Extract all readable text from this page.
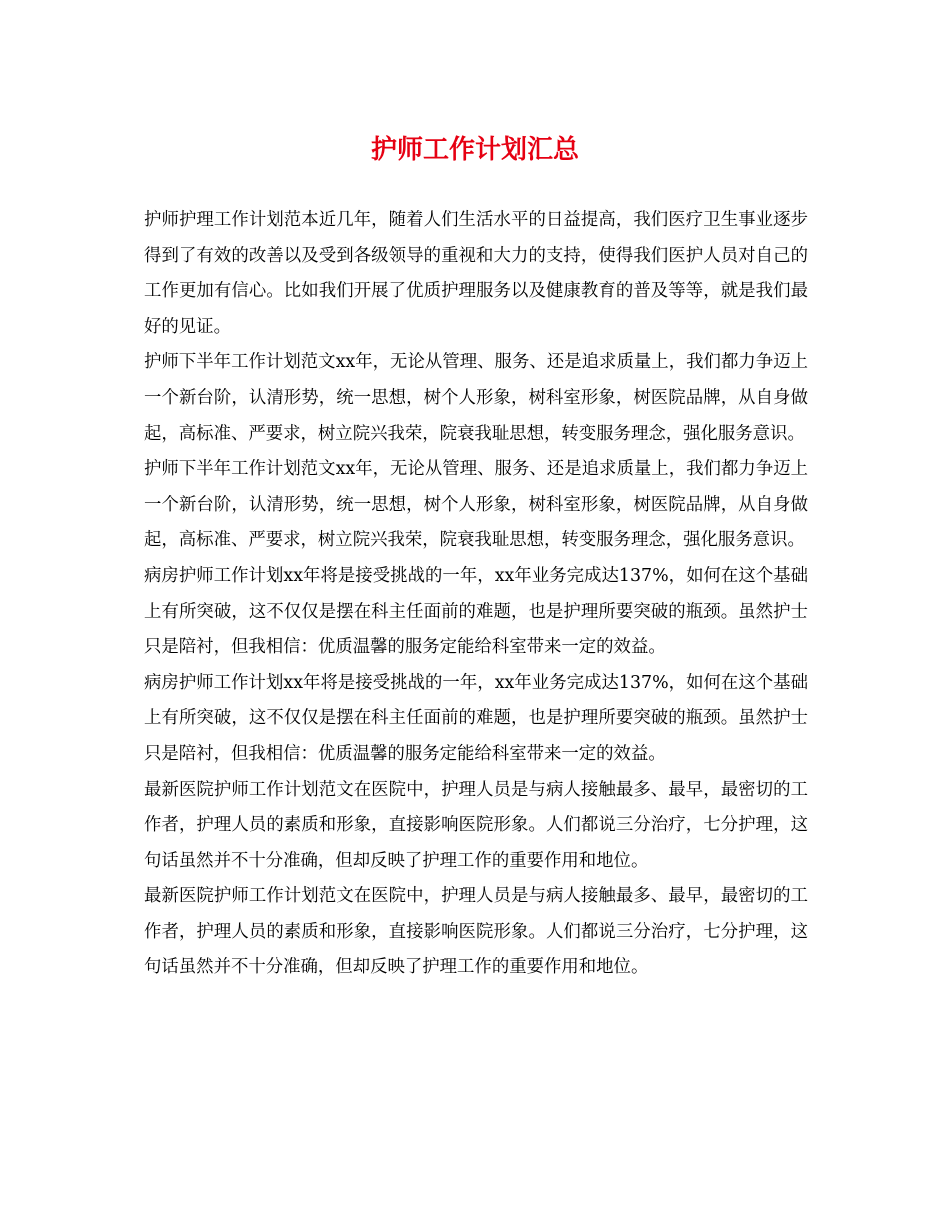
护师工作计划汇总

护师护理工作计划范本近几年，随着人们生活水平的日益提高，我们医疗卫生事业逐步得到了有效的改善以及受到各级领导的重视和大力的支持，使得我们医护人员对自己的工作更加有信心。比如我们开展了优质护理服务以及健康教育的普及等等，就是我们最好的见证。

护师下半年工作计划范文xx年，无论从管理、服务、还是追求质量上，我们都力争迈上一个新台阶，认清形势，统一思想，树个人形象，树科室形象，树医院品牌，从自身做起，高标准、严要求，树立院兴我荣，院衰我耻思想，转变服务理念，强化服务意识。

护师下半年工作计划范文xx年，无论从管理、服务、还是追求质量上，我们都力争迈上一个新台阶，认清形势，统一思想，树个人形象，树科室形象，树医院品牌，从自身做起，高标准、严要求，树立院兴我荣，院衰我耻思想，转变服务理念，强化服务意识。

病房护师工作计划xx年将是接受挑战的一年，xx年业务完成达137%，如何在这个基础上有所突破，这不仅仅是摆在科主任面前的难题，也是护理所要突破的瓶颈。虽然护士只是陪衬，但我相信：优质温馨的服务定能给科室带来一定的效益。

病房护师工作计划xx年将是接受挑战的一年，xx年业务完成达137%，如何在这个基础上有所突破，这不仅仅是摆在科主任面前的难题，也是护理所要突破的瓶颈。虽然护士只是陪衬，但我相信：优质温馨的服务定能给科室带来一定的效益。

最新医院护师工作计划范文在医院中，护理人员是与病人接触最多、最早，最密切的工作者，护理人员的素质和形象，直接影响医院形象。人们都说三分治疗，七分护理，这句话虽然并不十分准确，但却反映了护理工作的重要作用和地位。

最新医院护师工作计划范文在医院中，护理人员是与病人接触最多、最早，最密切的工作者，护理人员的素质和形象，直接影响医院形象。人们都说三分治疗，七分护理，这句话虽然并不十分准确，但却反映了护理工作的重要作用和地位。
